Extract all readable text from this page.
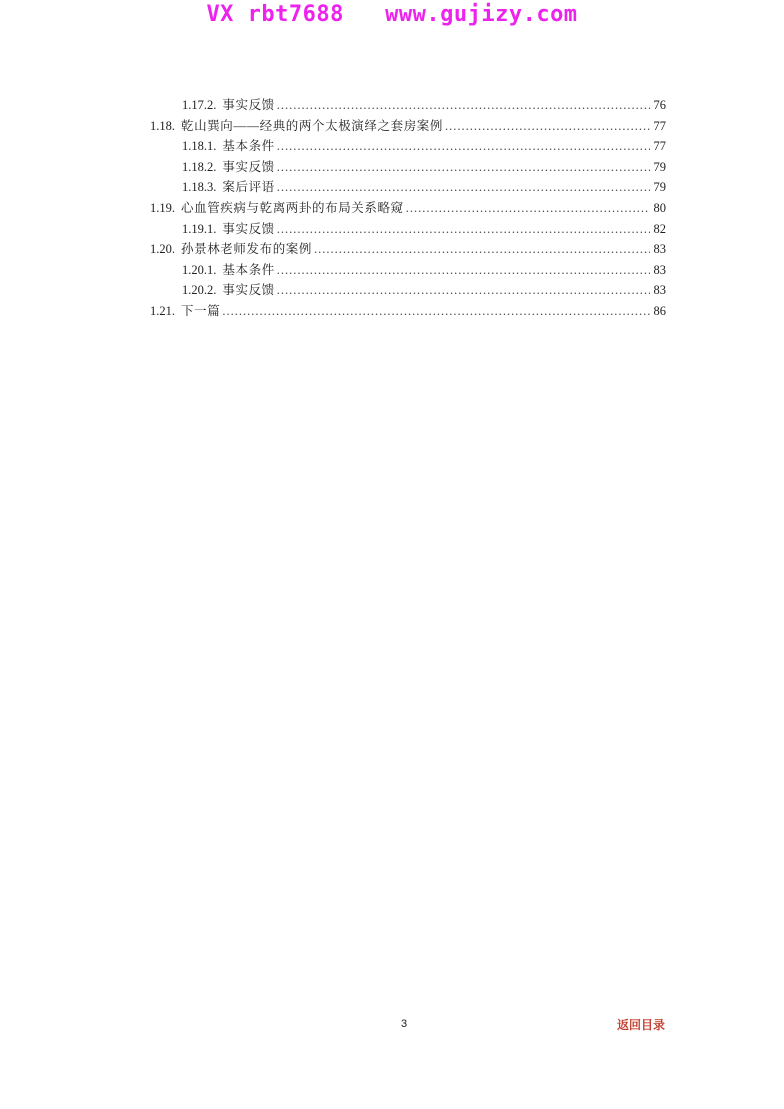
VX rbt7688   www.gujizy.com
1.17.2. 事实反馈 .....	76
1.18. 乾山巽向——经典的两个太极演绎之套房案例 .....	77
1.18.1. 基本条件 .....	77
1.18.2. 事实反馈 .....	79
1.18.3. 案后评语 .....	79
1.19. 心血管疾病与乾离两卦的布局关系略窥 .....	80
1.19.1. 事实反馈 .....	82
1.20. 孙景林老师发布的案例 .....	83
1.20.1. 基本条件 .....	83
1.20.2. 事实反馈 .....	83
1.21. 下一篇 .....	86
3	返回目录
